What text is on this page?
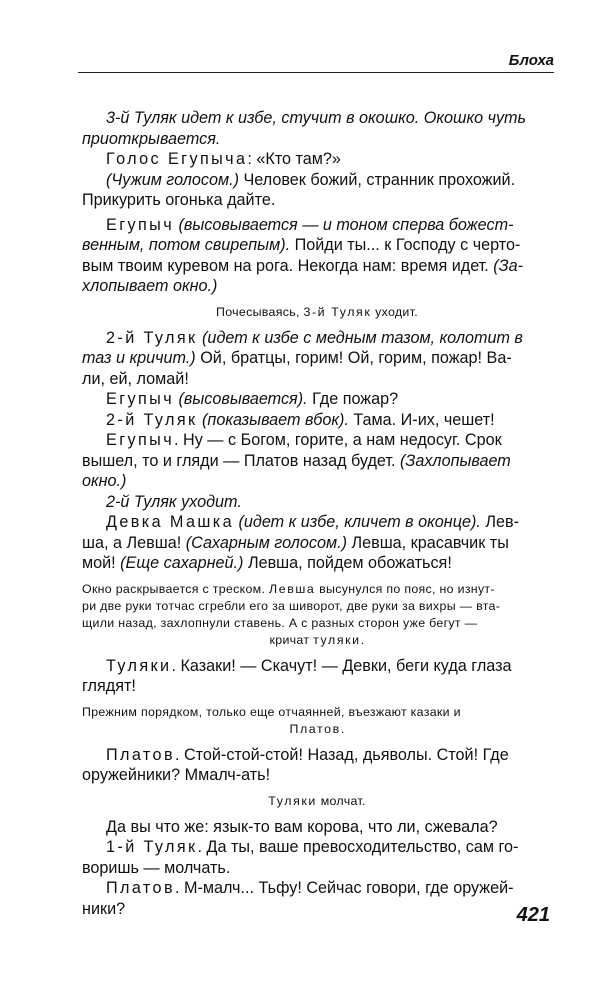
Блоха

3-й Туляк идет к избе, стучит в окошко. Окошко чуть

приоткрывается.

Голос Егупыча: «Кто там?»

(Чужим голосом.) Человек божий, странник прохожий.

Прикурить огонька дайте.

Егупыч (высовывается — и тоном сперва божест-

венным, потом свирепым). Пойди ты... к Господу с черто-

вым твоим куревом на рога. Некогда нам: время идет. (За-

хлопывает окно.)

Почесываясь, 3-й Туляк уходит.

2-й Туляк (идет к избе с медным тазом, колотит в

таз и кричит.) Ой, братцы, горим! Ой, горим, пожар! Ва-

ли, ей, ломай!

Егупыч (высовывается). Где пожар?

2-й Туляк (показывает вбок). Тама. И-их, чешет!

Егупыч. Ну — с Богом, горите, а нам недосуг. Срок

вышел, то и гляди — Платов назад будет. (Захлопывает

окно.)

2-й Туляк уходит.

Девка Машка (идет к избе, кличет в оконце). Лев-

ша, а Левша! (Сахарным голосом.) Левша, красавчик ты

мой! (Еще сахарней.) Левша, пойдем обожаться!

Окно раскрывается с треском. Левша высунулся по пояс, но изнут-

ри две руки тотчас сгребли его за шиворот, две руки за вихры — вта-

щили назад, захлопнули ставень. А с разных сторон уже бегут —

кричат туляки.

Туляки. Казаки! — Скачут! — Девки, беги куда глаза

глядят!

Прежним порядком, только еще отчаянней, въезжают казаки и

Платов.

Платов. Стой-стой-стой! Назад, дьяволы. Стой! Где

оружейники? Ммалч-ать!

Туляки молчат.

Да вы что же: язык-то вам корова, что ли, сжевала?

1-й Туляк. Да ты, ваше превосходительство, сам го-

воришь — молчать.

Платов. М-малч... Тьфу! Сейчас говори, где оружей-

ники?	421
